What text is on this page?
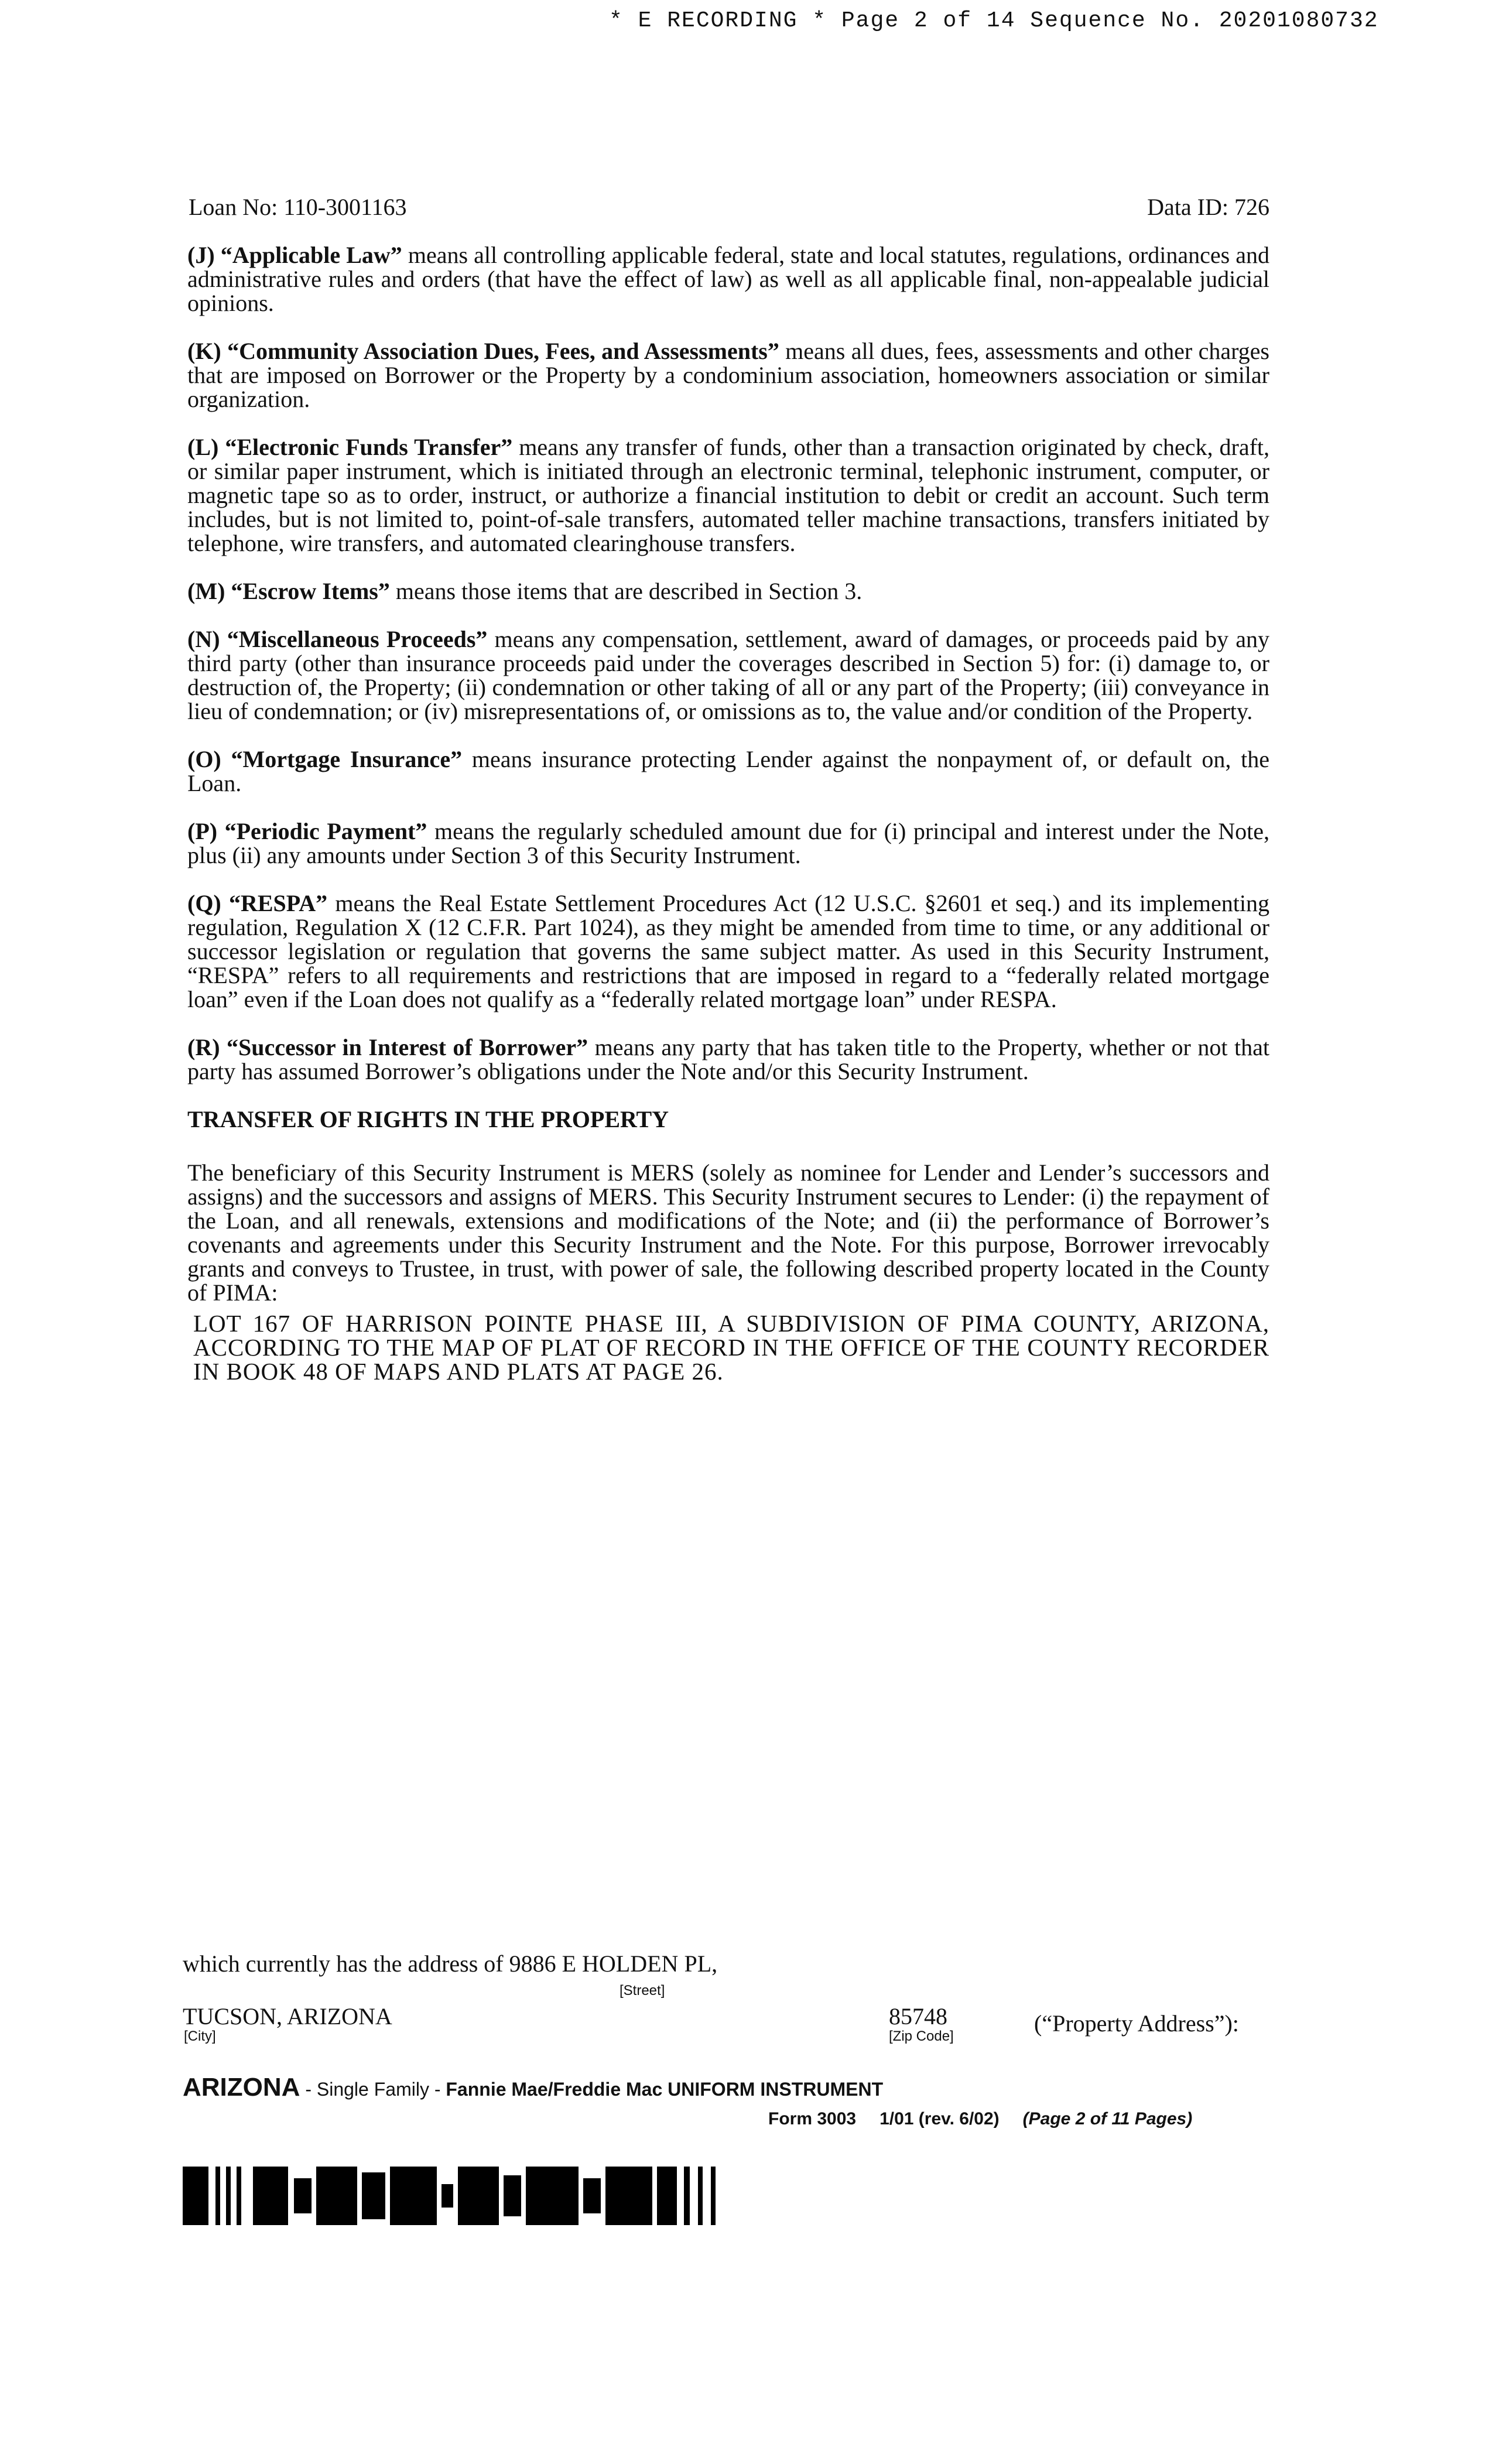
* E RECORDING * Page 2 of 14 Sequence No. 20201080732
Loan No: 110-3001163	Data ID: 726

(J) “Applicable Law” means all controlling applicable federal, state and local statutes, regulations, ordinances and administrative rules and orders (that have the effect of law) as well as all applicable final, non-appealable judicial opinions.

(K) “Community Association Dues, Fees, and Assessments” means all dues, fees, assessments and other charges that are imposed on Borrower or the Property by a condominium association, homeowners association or similar organization.

(L) “Electronic Funds Transfer” means any transfer of funds, other than a transaction originated by check, draft, or similar paper instrument, which is initiated through an electronic terminal, telephonic instrument, computer, or magnetic tape so as to order, instruct, or authorize a financial institution to debit or credit an account. Such term includes, but is not limited to, point-of-sale transfers, automated teller machine transactions, transfers initiated by telephone, wire transfers, and automated clearinghouse transfers.

(M) “Escrow Items” means those items that are described in Section 3.

(N) “Miscellaneous Proceeds” means any compensation, settlement, award of damages, or proceeds paid by any third party (other than insurance proceeds paid under the coverages described in Section 5) for: (i) damage to, or destruction of, the Property; (ii) condemnation or other taking of all or any part of the Property; (iii) conveyance in lieu of condemnation; or (iv) misrepresentations of, or omissions as to, the value and/or condition of the Property.

(O) “Mortgage Insurance” means insurance protecting Lender against the nonpayment of, or default on, the Loan.

(P) “Periodic Payment” means the regularly scheduled amount due for (i) principal and interest under the Note, plus (ii) any amounts under Section 3 of this Security Instrument.

(Q) “RESPA” means the Real Estate Settlement Procedures Act (12 U.S.C. §2601 et seq.) and its implementing regulation, Regulation X (12 C.F.R. Part 1024), as they might be amended from time to time, or any additional or successor legislation or regulation that governs the same subject matter. As used in this Security Instrument, “RESPA” refers to all requirements and restrictions that are imposed in regard to a “federally related mortgage loan” even if the Loan does not qualify as a “federally related mortgage loan” under RESPA.

(R) “Successor in Interest of Borrower” means any party that has taken title to the Property, whether or not that party has assumed Borrower’s obligations under the Note and/or this Security Instrument.

TRANSFER OF RIGHTS IN THE PROPERTY

The beneficiary of this Security Instrument is MERS (solely as nominee for Lender and Lender’s successors and assigns) and the successors and assigns of MERS. This Security Instrument secures to Lender: (i) the repayment of the Loan, and all renewals, extensions and modifications of the Note; and (ii) the performance of Borrower’s covenants and agreements under this Security Instrument and the Note. For this purpose, Borrower irrevocably grants and conveys to Trustee, in trust, with power of sale, the following described property located in the County of PIMA:

LOT 167 OF HARRISON POINTE PHASE III, A SUBDIVISION OF PIMA COUNTY, ARIZONA, ACCORDING TO THE MAP OF PLAT OF RECORD IN THE OFFICE OF THE COUNTY RECORDER IN BOOK 48 OF MAPS AND PLATS AT PAGE 26.

which currently has the address of 9886 E HOLDEN PL,
[Street]
TUCSON, ARIZONA
[City]
85748
[Zip Code]	(“Property Address”):
ARIZONA - Single Family - Fannie Mae/Freddie Mac UNIFORM INSTRUMENT
Form 3003 1/01 (rev. 6/02) (Page 2 of 11 Pages)
